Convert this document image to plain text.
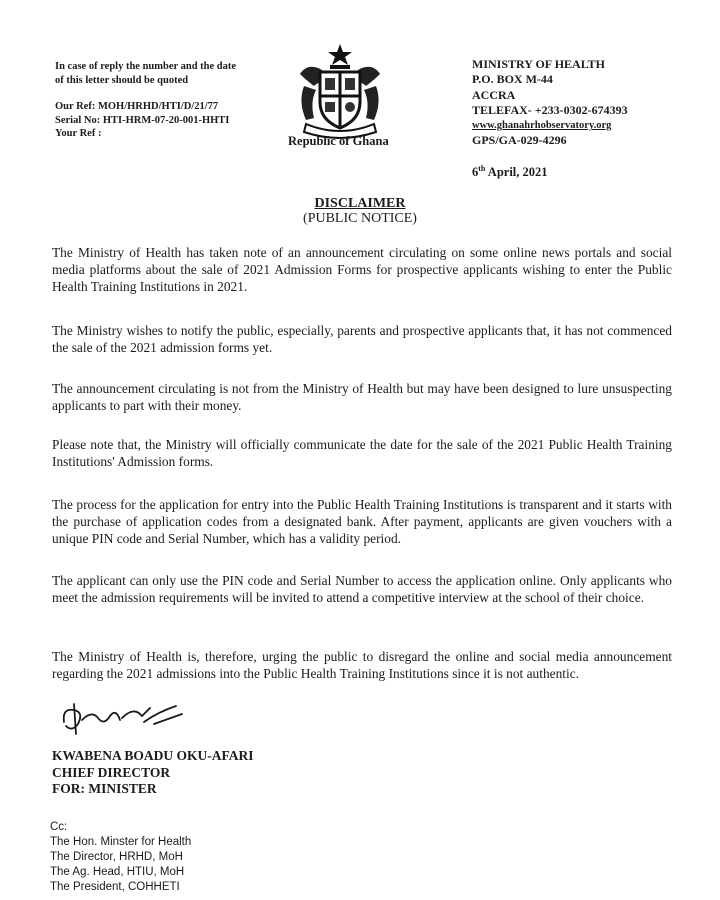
In case of reply the number and the date
of this letter should be quoted
Our Ref: MOH/HRHD/HTI/D/21/77
Serial No: HTI-HRM-07-20-001-HHTI
Your Ref :
Republic of Ghana
MINISTRY OF HEALTH
P.O. BOX M-44
ACCRA
TELEFAX- +233-0302-674393
www.ghanahrhobservatory.org
GPS/GA-029-4296
6th April, 2021
DISCLAIMER
(PUBLIC NOTICE)
The Ministry of Health has taken note of an announcement circulating on some online news portals and social media platforms about the sale of 2021 Admission Forms for prospective applicants wishing to enter the Public Health Training Institutions in 2021.
The Ministry wishes to notify the public, especially, parents and prospective applicants that, it has not commenced the sale of the 2021 admission forms yet.
The announcement circulating is not from the Ministry of Health but may have been designed to lure unsuspecting applicants to part with their money.
Please note that, the Ministry will officially communicate the date for the sale of the 2021 Public Health Training Institutions' Admission forms.
The process for the application for entry into the Public Health Training Institutions is transparent and it starts with the purchase of application codes from a designated bank. After payment, applicants are given vouchers with a unique PIN code and Serial Number, which has a validity period.
The applicant can only use the PIN code and Serial Number to access the application online. Only applicants who meet the admission requirements will be invited to attend a competitive interview at the school of their choice.
The Ministry of Health is, therefore, urging the public to disregard the online and social media announcement regarding the 2021 admissions into the Public Health Training Institutions since it is not authentic.
KWABENA BOADU OKU-AFARI
CHIEF DIRECTOR
FOR: MINISTER
Cc:
The Hon. Minster for Health
The Director, HRHD, MoH
The Ag. Head, HTIU, MoH
The President, COHHETI
